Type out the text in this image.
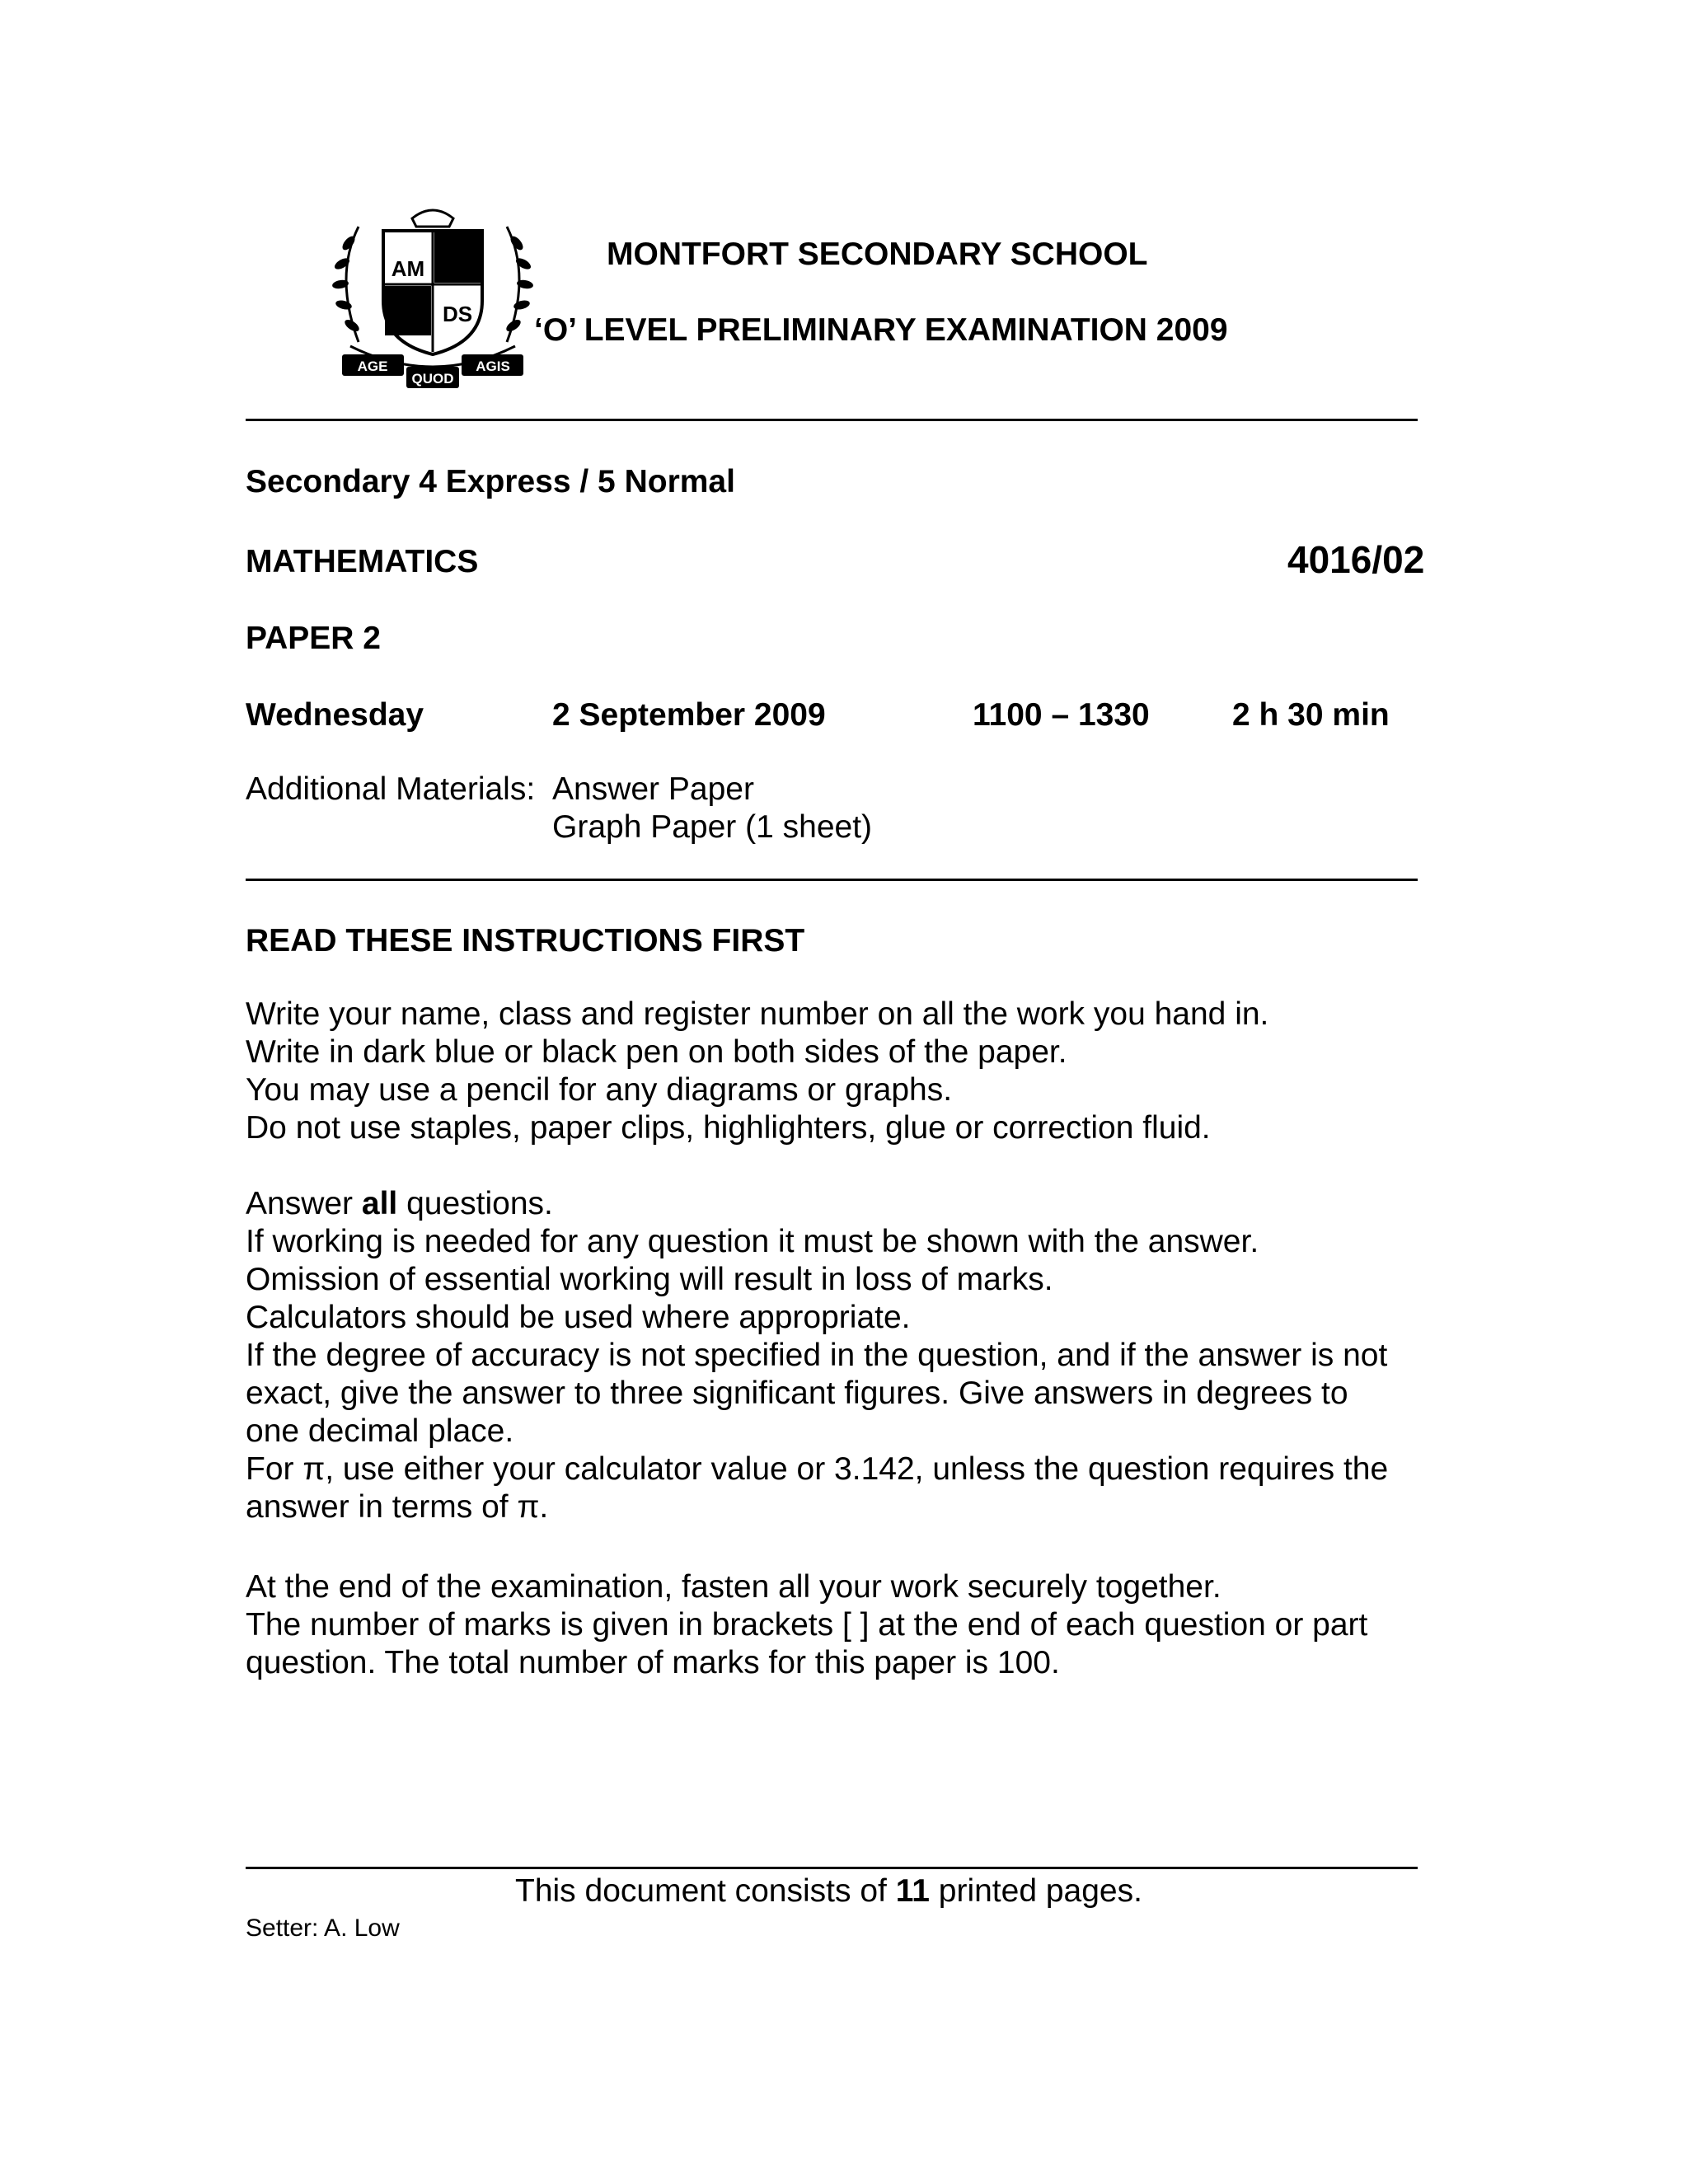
AM
DS
AGE
QUOD
AGIS
MONTFORT SECONDARY SCHOOL
‘O’ LEVEL PRELIMINARY EXAMINATION 2009
Secondary 4 Express / 5 Normal
MATHEMATICS	4016/02
PAPER 2
Wednesday	2 September 2009	1100 – 1330	2 h 30 min
Additional Materials: Answer Paper
Graph Paper (1 sheet)
READ THESE INSTRUCTIONS FIRST
Write your name, class and register number on all the work you hand in.
Write in dark blue or black pen on both sides of the paper.
You may use a pencil for any diagrams or graphs.
Do not use staples, paper clips, highlighters, glue or correction fluid.
Answer all questions.
If working is needed for any question it must be shown with the answer.
Omission of essential working will result in loss of marks.
Calculators should be used where appropriate.
If the degree of accuracy is not specified in the question, and if the answer is not
exact, give the answer to three significant figures. Give answers in degrees to
one decimal place.
For π, use either your calculator value or 3.142, unless the question requires the
answer in terms of π.
At the end of the examination, fasten all your work securely together.
The number of marks is given in brackets [ ] at the end of each question or part
question. The total number of marks for this paper is 100.
This document consists of 11 printed pages.
Setter: A. Low
